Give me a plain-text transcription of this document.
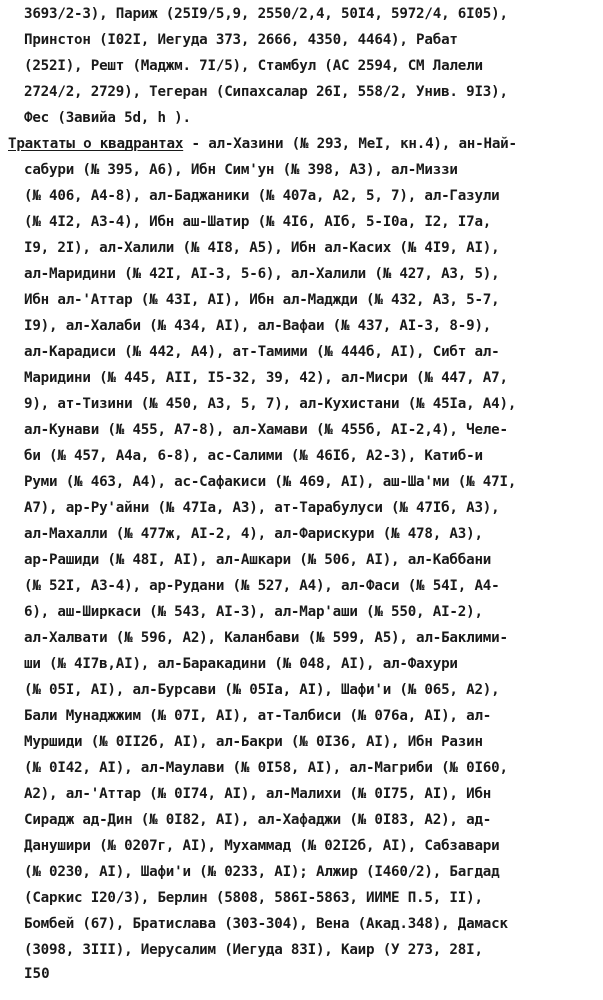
3693/2-3), Париж (25I9/5,9, 2550/2,4, 50I4, 5972/4, 6I05),
Принстон (I02I, Иегуда 373, 2666, 4350, 4464), Рабат
(252I), Решт (Маджм. 7I/5), Стамбул (АС 2594, СМ Лалели
2724/2, 2729), Тегеран (Сипахсалар 26I, 558/2, Унив. 9I3),
Фес (Завийа 5d, h ).
Трактаты о квадрантах - ал-Хазини (№ 293, МеI, кн.4), ан-Най-
сабури (№ 395, А6), Ибн Сим'ун (№ 398, А3), ал-Миззи
(№ 406, А4-8), ал-Баджаники (№ 407а, А2, 5, 7), ал-Газули
(№ 4I2, А3-4), Ибн аш-Шатир (№ 4I6, АIб, 5-I0а, I2, I7а,
I9, 2I), ал-Халили (№ 4I8, А5), Ибн ал-Касих (№ 4I9, АI),
ал-Маридини (№ 42I, АI-3, 5-6), ал-Халили (№ 427, А3, 5),
Ибн ал-'Аттар (№ 43I, АI), Ибн ал-Маджди (№ 432, А3, 5-7,
I9), ал-Халаби (№ 434, АI), ал-Вафаи (№ 437, АI-3, 8-9),
ал-Карадиси (№ 442, А4), ат-Тамими (№ 444б, АI), Сибт ал-
Маридини (№ 445, АII, I5-32, 39, 42), ал-Мисри (№ 447, А7,
9), ат-Тизини (№ 450, А3, 5, 7), ал-Кухистани (№ 45Iа, А4),
ал-Кунави (№ 455, А7-8), ал-Хамави (№ 455б, АI-2,4), Челе-
би (№ 457, А4а, 6-8), ас-Салими (№ 46Iб, А2-3), Катиб-и
Руми (№ 463, А4), ас-Сафакиси (№ 469, АI), аш-Ша'ми (№ 47I,
А7), ар-Ру'айни (№ 47Iа, А3), ат-Тарабулуси (№ 47Iб, А3),
ал-Махалли (№ 477ж, АI-2, 4), ал-Фарискури (№ 478, А3),
ар-Рашиди (№ 48I, АI), ал-Ашкари (№ 506, АI), ал-Каббани
(№ 52I, А3-4), ар-Рудани (№ 527, А4), ал-Фаси (№ 54I, А4-
6), аш-Ширкаси (№ 543, АI-3), ал-Мар'аши (№ 550, АI-2),
ал-Халвати (№ 596, А2), Каланбави (№ 599, А5), ал-Баклими-
ши (№ 4I7в,АI), ал-Баракадини (№ 048, АI), ал-Фахури
(№ 05I, АI), ал-Бурсави (№ 05Iа, АI), Шафи'и (№ 065, А2),
Бали Мунаджжим (№ 07I, АI), ат-Талбиси (№ 076а, АI), ал-
Муршиди (№ 0II2б, АI), ал-Бакри (№ 0I36, АI), Ибн Разин
(№ 0I42, АI), ал-Маулави (№ 0I58, АI), ал-Магриби (№ 0I60,
А2), ал-'Аттар (№ 0I74, АI), ал-Малихи (№ 0I75, АI), Ибн
Сирадж ад-Дин (№ 0I82, АI), ал-Хафаджи (№ 0I83, А2), ад-
Данушири (№ 0207г, АI), Мухаммад (№ 02I2б, АI), Сабзавари
(№ 0230, АI), Шафи'и (№ 0233, АI); Алжир (I460/2), Багдад
(Саркис I20/3), Берлин (5808, 586I-5863, ИИМЕ П.5, II),
Бомбей (67), Братислава (303-304), Вена (Акад.348), Дамаск
(3098, 3III), Иерусалим (Иегуда 83I), Каир (У 273, 28I,
I50
